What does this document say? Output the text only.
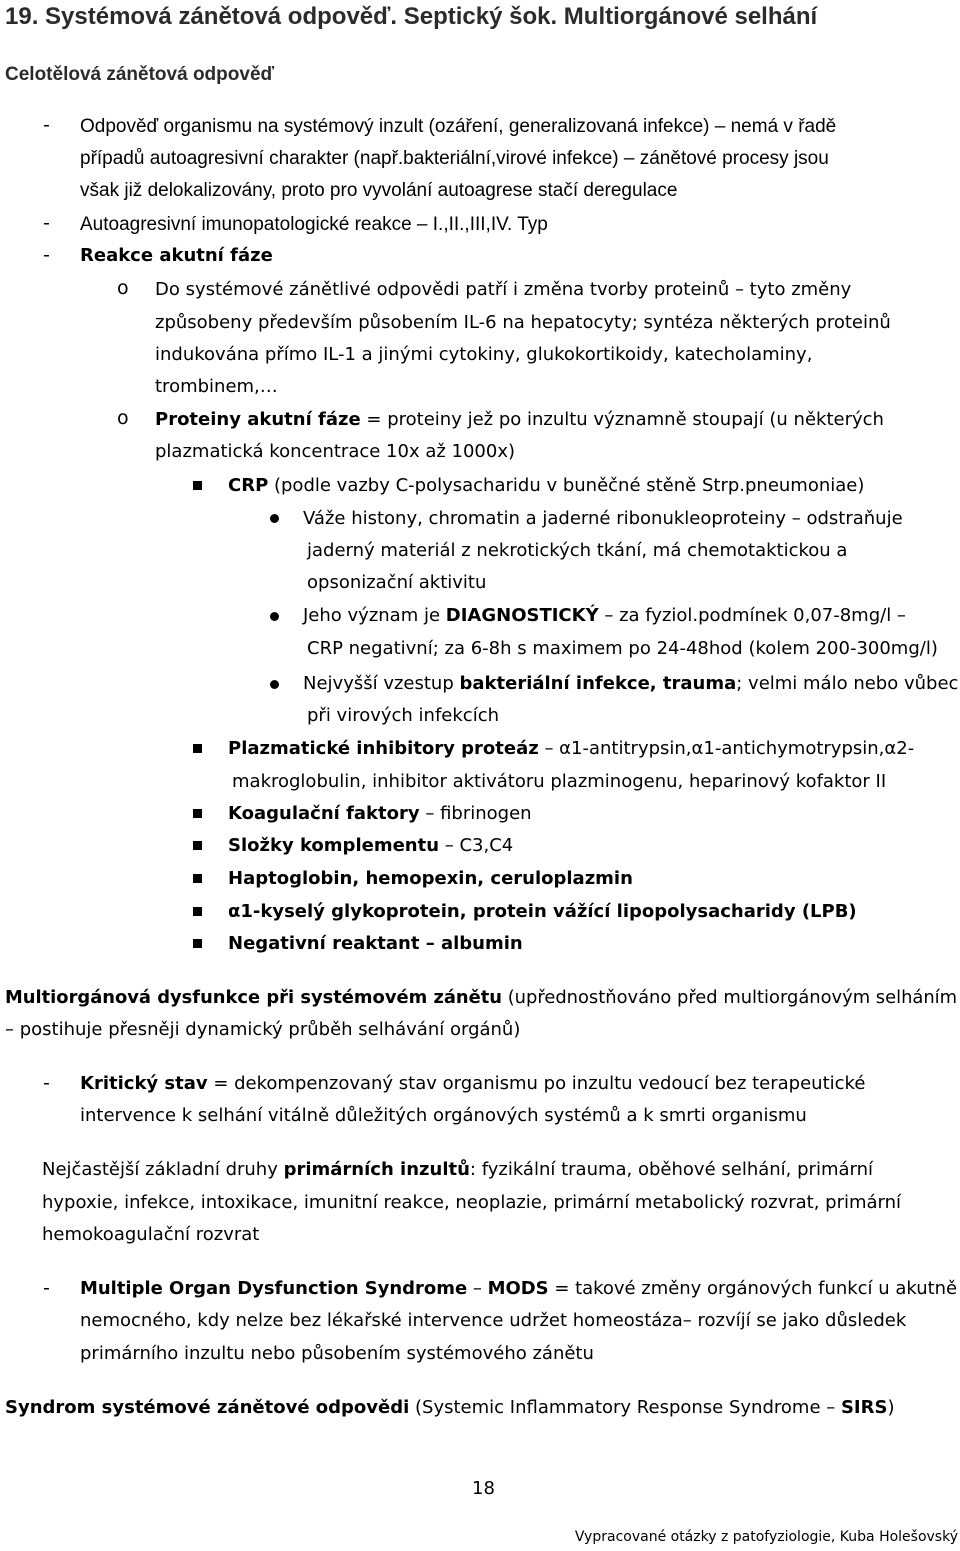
19. Systémová zánětová odpověď. Septický šok. Multiorgánové selhání
Celotělová zánětová odpověď
- Odpověď organismu na systémový inzult (ozáření, generalizovaná infekce) – nemá v řadě
případů autoagresivní charakter (např.bakteriální,virové infekce) – zánětové procesy jsou
však již delokalizovány, proto pro vyvolání autoagrese stačí deregulace
- Autoagresivní imunopatologické reakce – I.,II.,III,IV. Typ
- Reakce akutní fáze
o Do systémové zánětlivé odpovědi patří i změna tvorby proteinů – tyto změny
způsobeny především působením IL-6 na hepatocyty; syntéza některých proteinů
indukována přímo IL-1 a jinými cytokiny, glukokortikoidy, katecholaminy,
trombinem,…
o Proteiny akutní fáze = proteiny jež po inzultu významně stoupají (u některých
plazmatická koncentrace 10x až 1000x)
CRP (podle vazby C-polysacharidu v buněčné stěně Strp.pneumoniae)
Váže histony, chromatin a jaderné ribonukleoproteiny – odstraňuje
jaderný materiál z nekrotických tkání, má chemotaktickou a
opsonizační aktivitu
Jeho význam je DIAGNOSTICKÝ – za fyziol.podmínek 0,07-8mg/l –
CRP negativní; za 6-8h s maximem po 24-48hod (kolem 200-300mg/l)
Nejvyšší vzestup bakteriální infekce, trauma; velmi málo nebo vůbec
při virových infekcích
Plazmatické inhibitory proteáz – α1-antitrypsin,α1-antichymotrypsin,α2-
makroglobulin, inhibitor aktivátoru plazminogenu, heparinový kofaktor II
Koagulační faktory – fibrinogen
Složky komplementu – C3,C4
Haptoglobin, hemopexin, ceruloplazmin
α1-kyselý glykoprotein, protein vážící lipopolysacharidy (LPB)
Negativní reaktant – albumin
Multiorgánová dysfunkce při systémovém zánětu (upřednostňováno před multiorgánovým selháním
– postihuje přesněji dynamický průběh selhávání orgánů)
- Kritický stav = dekompenzovaný stav organismu po inzultu vedoucí bez terapeutické
intervence k selhání vitálně důležitých orgánových systémů a k smrti organismu
Nejčastější základní druhy primárních inzultů: fyzikální trauma, oběhové selhání, primární
hypoxie, infekce, intoxikace, imunitní reakce, neoplazie, primární metabolický rozvrat, primární
hemokoagulační rozvrat
- Multiple Organ Dysfunction Syndrome – MODS = takové změny orgánových funkcí u akutně
nemocného, kdy nelze bez lékařské intervence udržet homeostáza– rozvíjí se jako důsledek
primárního inzultu nebo působením systémového zánětu
Syndrom systémové zánětové odpovědi (Systemic Inflammatory Response Syndrome – SIRS)
18
Vypracované otázky z patofyziologie, Kuba Holešovský
